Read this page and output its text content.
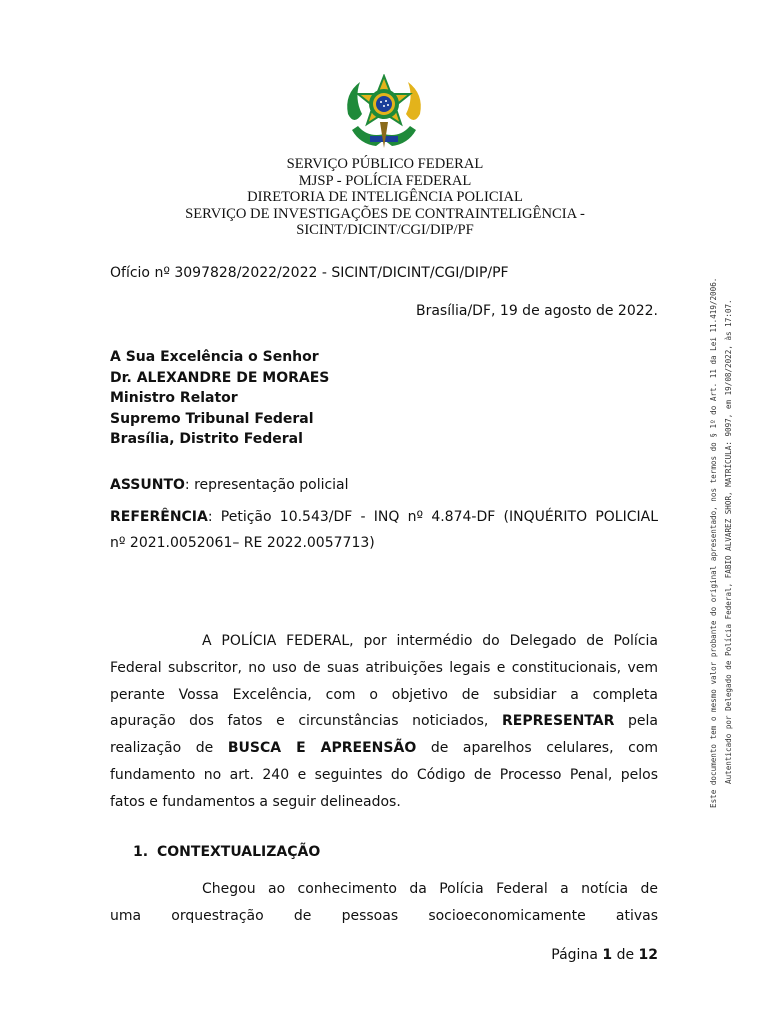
SERVIÇO PÚBLICO FEDERAL
MJSP - POLÍCIA FEDERAL
DIRETORIA DE INTELIGÊNCIA POLICIAL
SERVIÇO DE INVESTIGAÇÕES DE CONTRAINTELIGÊNCIA -
SICINT/DICINT/CGI/DIP/PF
Ofício nº 3097828/2022/2022 - SICINT/DICINT/CGI/DIP/PF
Brasília/DF, 19 de agosto de 2022.
A Sua Excelência o Senhor
Dr. ALEXANDRE DE MORAES
Ministro Relator
Supremo Tribunal Federal
Brasília, Distrito Federal
ASSUNTO: representação policial
REFERÊNCIA: Petição 10.543/DF - INQ nº 4.874-DF (INQUÉRITO POLICIAL
nº 2021.0052061– RE 2022.0057713)
A POLÍCIA FEDERAL, por intermédio do Delegado de Polícia
Federal subscritor, no uso de suas atribuições legais e constitucionais, vem
perante Vossa Excelência, com o objetivo de subsidiar a completa
apuração dos fatos e circunstâncias noticiados, REPRESENTAR pela
realização de BUSCA E APREENSÃO de aparelhos celulares, com
fundamento no art. 240 e seguintes do Código de Processo Penal, pelos
fatos e fundamentos a seguir delineados.
1. CONTEXTUALIZAÇÃO
Chegou ao conhecimento da Polícia Federal a notícia de
uma orquestração de pessoas socioeconomicamente ativas
Página 1 de 12
Este documento tem o mesmo valor probante do original apresentado, nos termos do § 1º do Art. 11 da Lei 11.419/2006. Autenticado por Delegado de Polícia Federal, FABIO ALVAREZ SHOR, MATRÍCULA: 9097, em 19/08/2022, às 17:07.
